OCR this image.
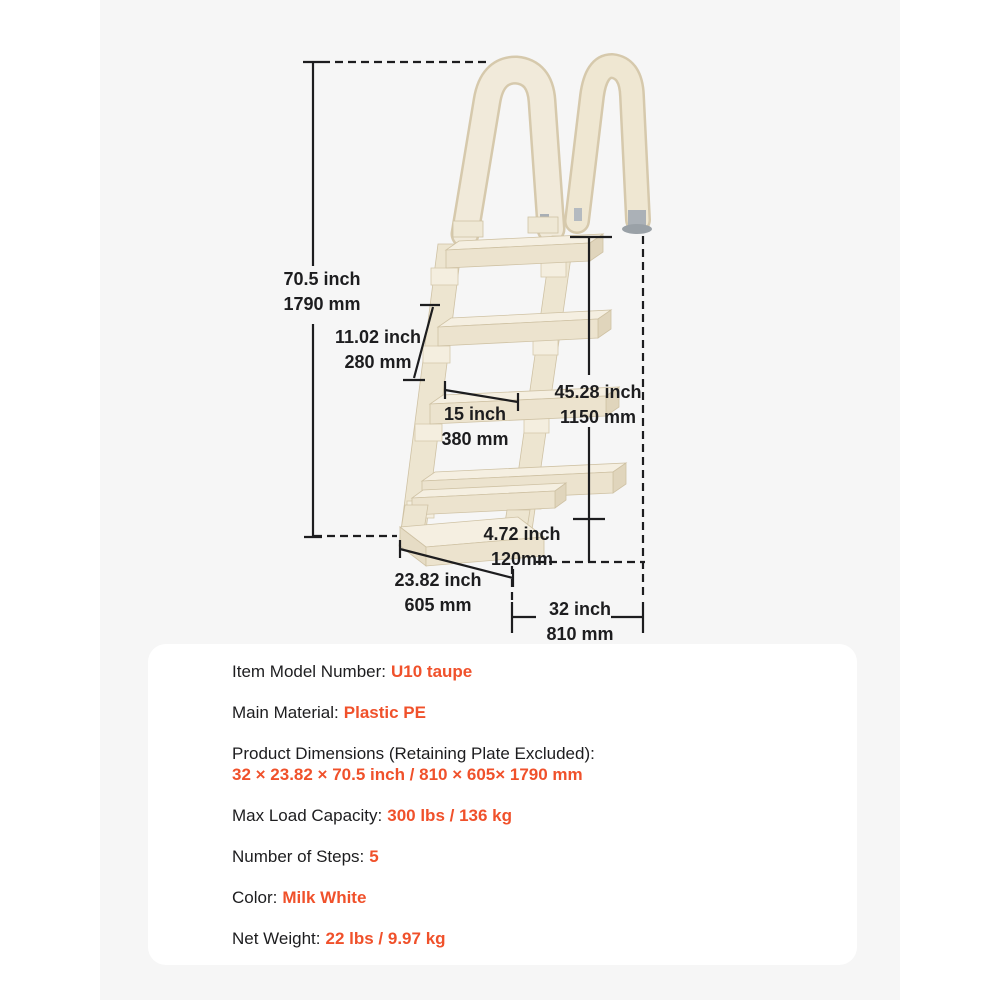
70.5 inch
1790 mm
11.02 inch
280 mm
15 inch
380 mm
45.28 inch
1150 mm
4.72 inch
120mm
23.82 inch
605 mm	32 inch
810 mm
Item Model Number: U10 taupe
Main Material: Plastic PE
Product Dimensions (Retaining Plate Excluded):
32 × 23.82 × 70.5 inch / 810 × 605× 1790 mm
Max Load Capacity: 300 lbs / 136 kg
Number of Steps: 5
Color: Milk White
Net Weight: 22 lbs / 9.97 kg
